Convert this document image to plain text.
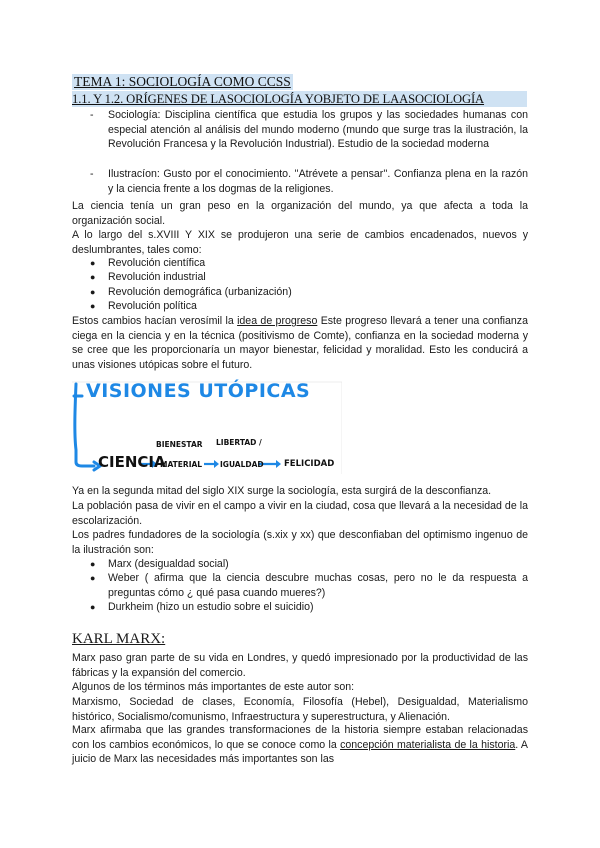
TEMA 1: SOCIOLOGÍA COMO CCSS
1.1. Y 1.2. ORÍGENES DE LASOCIOLOGÍA YOBJETO DE LAASOCIOLOGÍA
- Sociología: Disciplina científica que estudia los grupos y las sociedades humanas con especial atención al análisis del mundo moderno (mundo que surge tras la ilustración, la Revolución Francesa y la Revolución Industrial). Estudio de la sociedad moderna
- Ilustracíon: Gusto por el conocimiento. ''Atrévete a pensar''. Confianza plena en la razón y la ciencia frente a los dogmas de la religiones.
La ciencia tenía un gran peso en la organización del mundo, ya que afecta a toda la organización social.
A lo largo del s.XVIII Y XIX se produjeron una serie de cambios encadenados, nuevos y deslumbrantes, tales como:
● Revolución científica
● Revolución industrial
● Revolución demográfica (urbanización)
● Revolución política
Estos cambios hacían verosímil la idea de progreso Este progreso llevará a tener una confianza ciega en la ciencia y en la técnica (positivismo de Comte), confianza en la sociedad moderna y se cree que les proporcionaría un mayor bienestar, felicidad y moralidad. Esto les conducirá a unas visiones utópicas sobre el futuro.
VISIONES UTÓPICAS
CIENCIA
BIENESTAR
MATERIAL
LIBERTAD /
IGUALDAD FELICIDAD
Ya en la segunda mitad del siglo XIX surge la sociología, esta surgirá de la desconfianza.
La población pasa de vivir en el campo a vivir en la ciudad, cosa que llevará a la necesidad de la escolarización.
Los padres fundadores de la sociología (s.xix y xx) que desconfiaban del optimismo ingenuo de la ilustración son:
● Marx (desigualdad social)
● Weber ( afirma que la ciencia descubre muchas cosas, pero no le da respuesta a preguntas cómo ¿ qué pasa cuando mueres?)
● Durkheim (hizo un estudio sobre el suicidio)
KARL MARX:
Marx paso gran parte de su vida en Londres, y quedó impresionado por la productividad de las fábricas y la expansión del comercio.
Algunos de los términos más importantes de este autor son:
Marxismo, Sociedad de clases, Economía, Filosofía (Hebel), Desigualdad, Materialismo histórico, Socialismo/comunismo, Infraestructura y superestructura, y Alienación.
Marx afirmaba que las grandes transformaciones de la historia siempre estaban relacionadas con los cambios económicos, lo que se conoce como la concepción materialista de la historia. A juicio de Marx las necesidades más importantes son las
